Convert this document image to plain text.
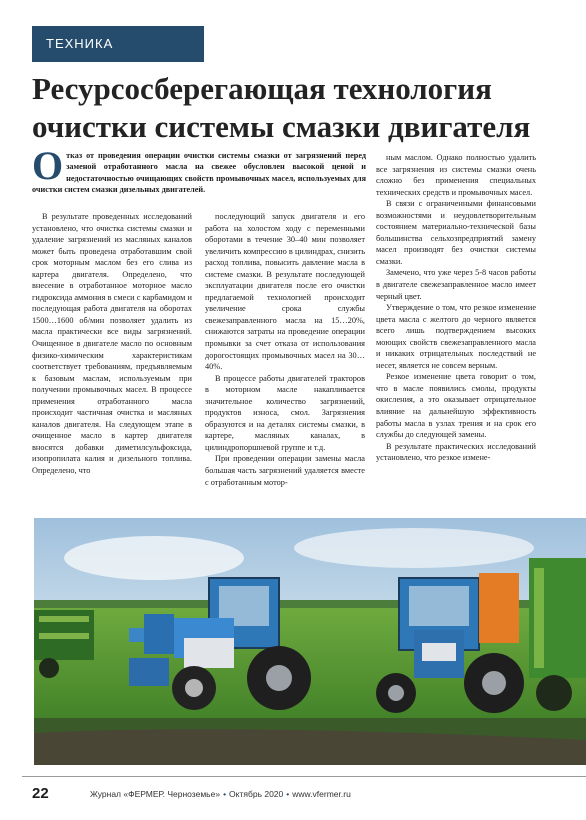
ТЕХНИКА
Ресурсосберегающая технология очистки системы смазки двигателя
Отказ от проведения операции очистки системы смазки от загрязнений перед заменой отработанного масла на свежее обусловлен высокой ценой и недостаточностью очищающих свойств промывочных масел, используемых для очистки систем смазки дизельных двигателей.

В результате проведенных исследований установлено, что очистка системы смазки и удаление загрязнений из масляных каналов может быть проведена отработавшим свой срок моторным маслом без его слива из картера двигателя. Определено, что внесение в отработанное моторное масло гидроксида аммония в смеси с карбамидом и последующая работа двигателя на оборотах 1500…1600 об/мин позволяет удалить из масла практически все виды загрязнений. Очищенное в двигателе масло по основным физико-химическим характеристикам соответствует требованиям, предъявляемым к базовым маслам, используемым при получении промывочных масел. В процессе применения отработанного масла происходит частичная очистка и масляных каналов двигателя. На следующем этапе в очищенное масло в картер двигателя вносятся добавки диметилсульфоксида, изопропилата калия и дизельного топлива. Определено, что

последующий запуск двигателя и его работа на холостом ходу с переменными оборотами в течение 30–40 мин позволяет увеличить компрессию в цилиндрах, снизить расход топлива, повысить давление масла в системе смазки. В результате последующей эксплуатации двигателя после его очистки предлагаемой технологией происходит увеличение срока службы свежезаправленного масла на 15…20%, снижаются затраты на проведение операции промывки за счет отказа от использования дорогостоящих промывочных масел на 30…40%.

В процессе работы двигателей тракторов в моторном масле накапливается значительное количество загрязнений, продуктов износа, смол. Загрязнения образуются и на деталях системы смазки, в картере, масляных каналах, в цилиндропоршневой группе и т.д.

При проведении операции замены масла большая часть загрязнений удаляется вместе с отработанным мотор-

ным маслом. Однако полностью удалить все загрязнения из системы смазки очень сложно без применения специальных технических средств и промывочных масел.

В связи с ограниченными финансовыми возможностями и неудовлетворительным состоянием материально-технической базы большинства сельхозпредприятий замену масел производят без очистки системы смазки.

Замечено, что уже через 5-8 часов работы в двигателе свежезаправленное масло имеет черный цвет.

Утверждение о том, что резкое изменение цвета масла с желтого до черного является всего лишь подтверждением высоких моющих свойств свежезаправленного масла и никаких отрицательных последствий не несет, является не совсем верным.

Резкое изменение цвета говорит о том, что в масле появились смолы, продукты окисления, а это оказывает отрицательное влияние на дальнейшую эффективность работы масла в узлах трения и на срок его службы до следующей замены.

В результате практических исследований установлено, что резкое измене-

22	Журнал «ФЕРМЕР. Черноземье» • Октябрь 2020 • www.vfermer.ru
